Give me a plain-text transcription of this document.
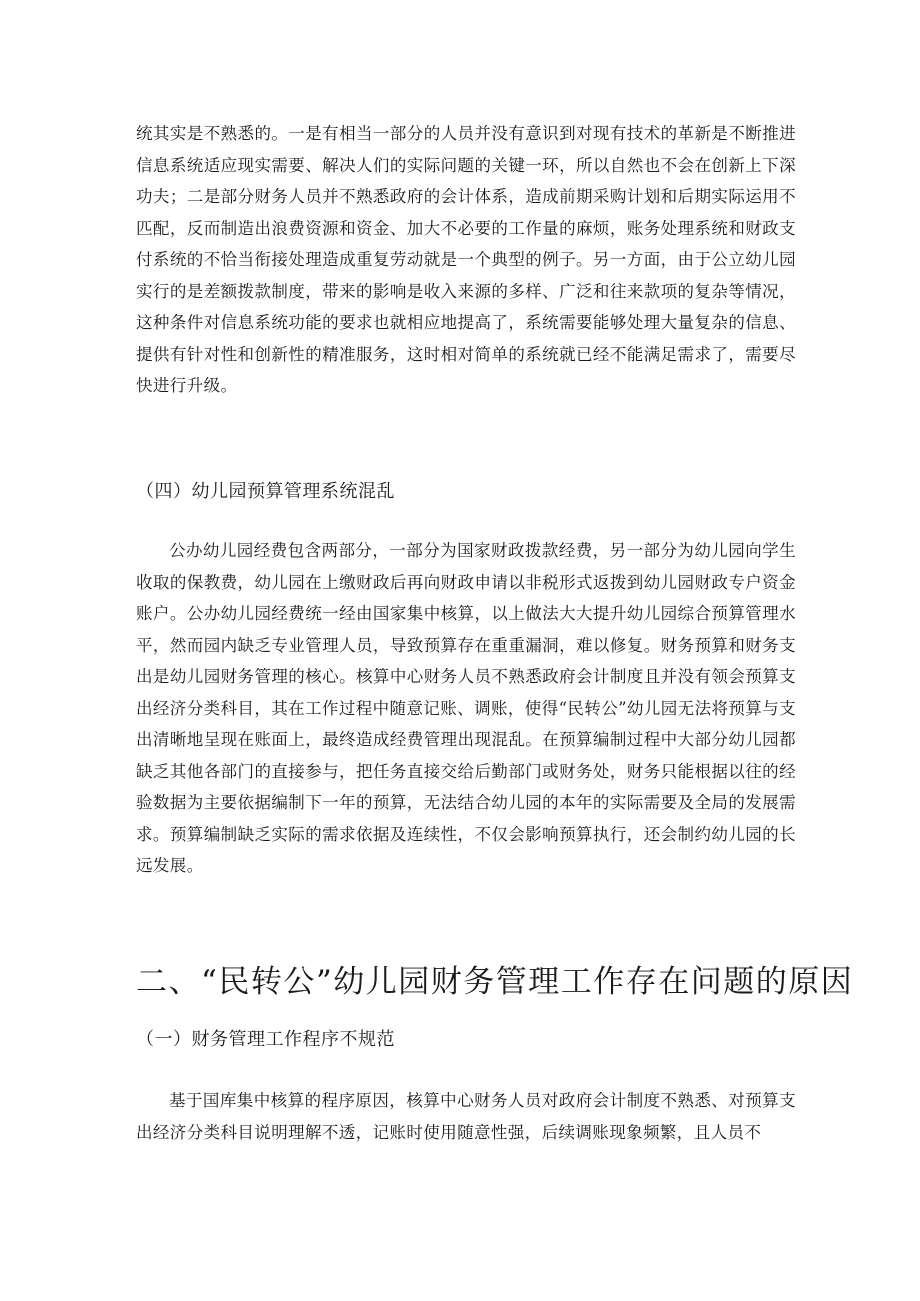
统其实是不熟悉的。一是有相当一部分的人员并没有意识到对现有技术的革新是不断推进信息系统适应现实需要、解决人们的实际问题的关键一环，所以自然也不会在创新上下深功夫；二是部分财务人员并不熟悉政府的会计体系，造成前期采购计划和后期实际运用不匹配，反而制造出浪费资源和资金、加大不必要的工作量的麻烦，账务处理系统和财政支付系统的不恰当衔接处理造成重复劳动就是一个典型的例子。另一方面，由于公立幼儿园实行的是差额拨款制度，带来的影响是收入来源的多样、广泛和往来款项的复杂等情况，这种条件对信息系统功能的要求也就相应地提高了，系统需要能够处理大量复杂的信息、提供有针对性和创新性的精准服务，这时相对简单的系统就已经不能满足需求了，需要尽快进行升级。

（四）幼儿园预算管理系统混乱

公办幼儿园经费包含两部分，一部分为国家财政拨款经费，另一部分为幼儿园向学生收取的保教费，幼儿园在上缴财政后再向财政申请以非税形式返拨到幼儿园财政专户资金账户。公办幼儿园经费统一经由国家集中核算，以上做法大大提升幼儿园综合预算管理水平，然而园内缺乏专业管理人员，导致预算存在重重漏洞，难以修复。财务预算和财务支出是幼儿园财务管理的核心。核算中心财务人员不熟悉政府会计制度且并没有领会预算支出经济分类科目，其在工作过程中随意记账、调账，使得“民转公”幼儿园无法将预算与支出清晰地呈现在账面上，最终造成经费管理出现混乱。在预算编制过程中大部分幼儿园都缺乏其他各部门的直接参与，把任务直接交给后勤部门或财务处，财务只能根据以往的经验数据为主要依据编制下一年的预算，无法结合幼儿园的本年的实际需要及全局的发展需求。预算编制缺乏实际的需求依据及连续性，不仅会影响预算执行，还会制约幼儿园的长远发展。

二、“民转公”幼儿园财务管理工作存在问题的原因
（一）财务管理工作程序不规范

基于国库集中核算的程序原因，核算中心财务人员对政府会计制度不熟悉、对预算支出经济分类科目说明理解不透，记账时使用随意性强，后续调账现象频繁，且人员不
